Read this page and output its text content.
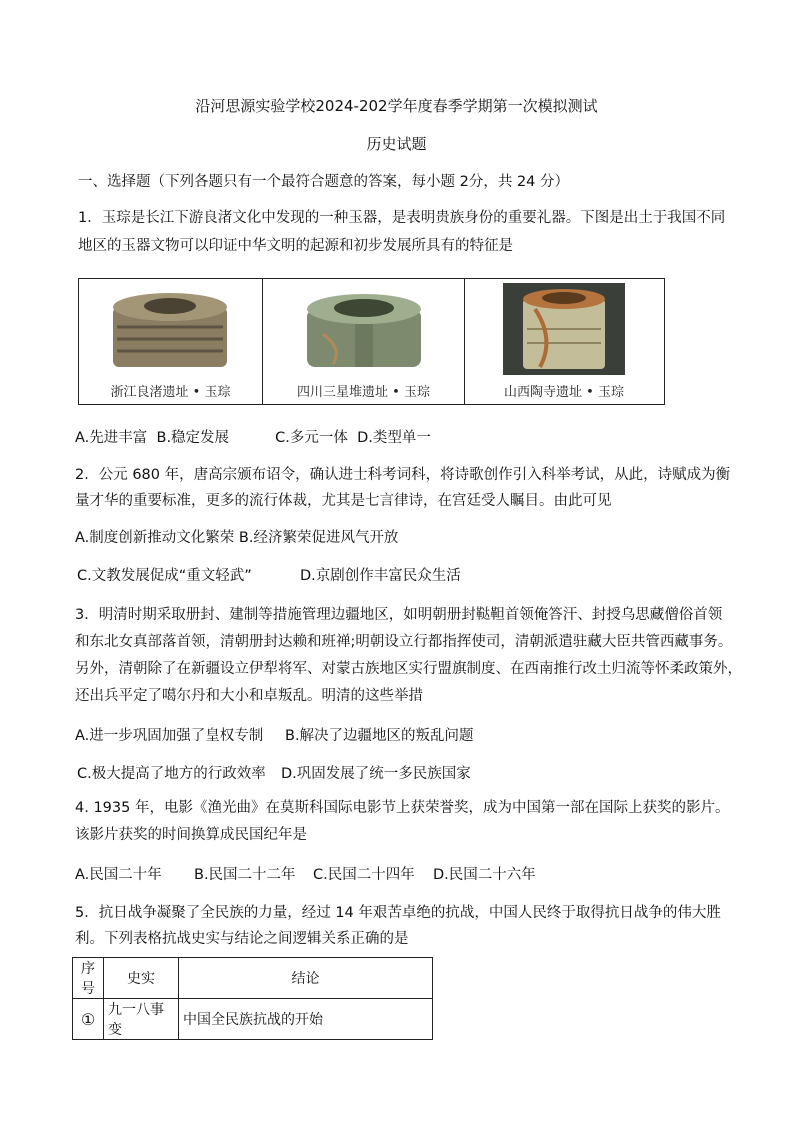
沿河思源实验学校2024-202学年度春季学期第一次模拟测试
历史试题
一、选择题（下列各题只有一个最符合题意的答案，每小题 2分，共 24 分）
1．玉琮是长江下游良渚文化中发现的一种玉器，是表明贵族身份的重要礼器。下图是出土于我国不同
地区的玉器文物可以印证中华文明的起源和初步发展所具有的特征是
浙江良渚遗址 • 玉琮	四川三星堆遗址 • 玉琮	山西陶寺遗址 • 玉琮
A.先进丰富  B.稳定发展          C.多元一体  D.类型单一
2．公元 680 年，唐高宗颁布诏令，确认进士科考词科，将诗歌创作引入科举考试，从此，诗赋成为衡
量才华的重要标准，更多的流行体裁，尤其是七言律诗，在宫廷受人瞩目。由此可见
A.制度创新推动文化繁荣 B.经济繁荣促进风气开放
C.文教发展促成“重文轻武”	D.京剧创作丰富民众生活
3．明清时期采取册封、建制等措施管理边疆地区，如明朝册封鞑靼首领俺答汗、封授乌思藏僧俗首领
和东北女真部落首领，清朝册封达赖和班禅;明朝设立行都指挥使司，清朝派遣驻藏大臣共管西藏事务。
另外，清朝除了在新疆设立伊犁将军、对蒙古族地区实行盟旗制度、在西南推行改土归流等怀柔政策外，
还出兵平定了噶尔丹和大小和卓叛乱。明清的这些举措
A.进一步巩固加强了皇权专制 B.解决了边疆地区的叛乱问题
C.极大提高了地方的行政效率 D.巩固发展了统一多民族国家
4. 1935 年，电影《渔光曲》在莫斯科国际电影节上获荣誉奖，成为中国第一部在国际上获奖的影片。
该影片获奖的时间换算成民国纪年是
A.民国二十年 B.民国二十二年 C.民国二十四年 D.民国二十六年
5．抗日战争凝聚了全民族的力量，经过 14 年艰苦卓绝的抗战，中国人民终于取得抗日战争的伟大胜
利。下列表格抗战史实与结论之间逻辑关系正确的是
序号	史实	结论
①	九一八事变	中国全民族抗战的开始
